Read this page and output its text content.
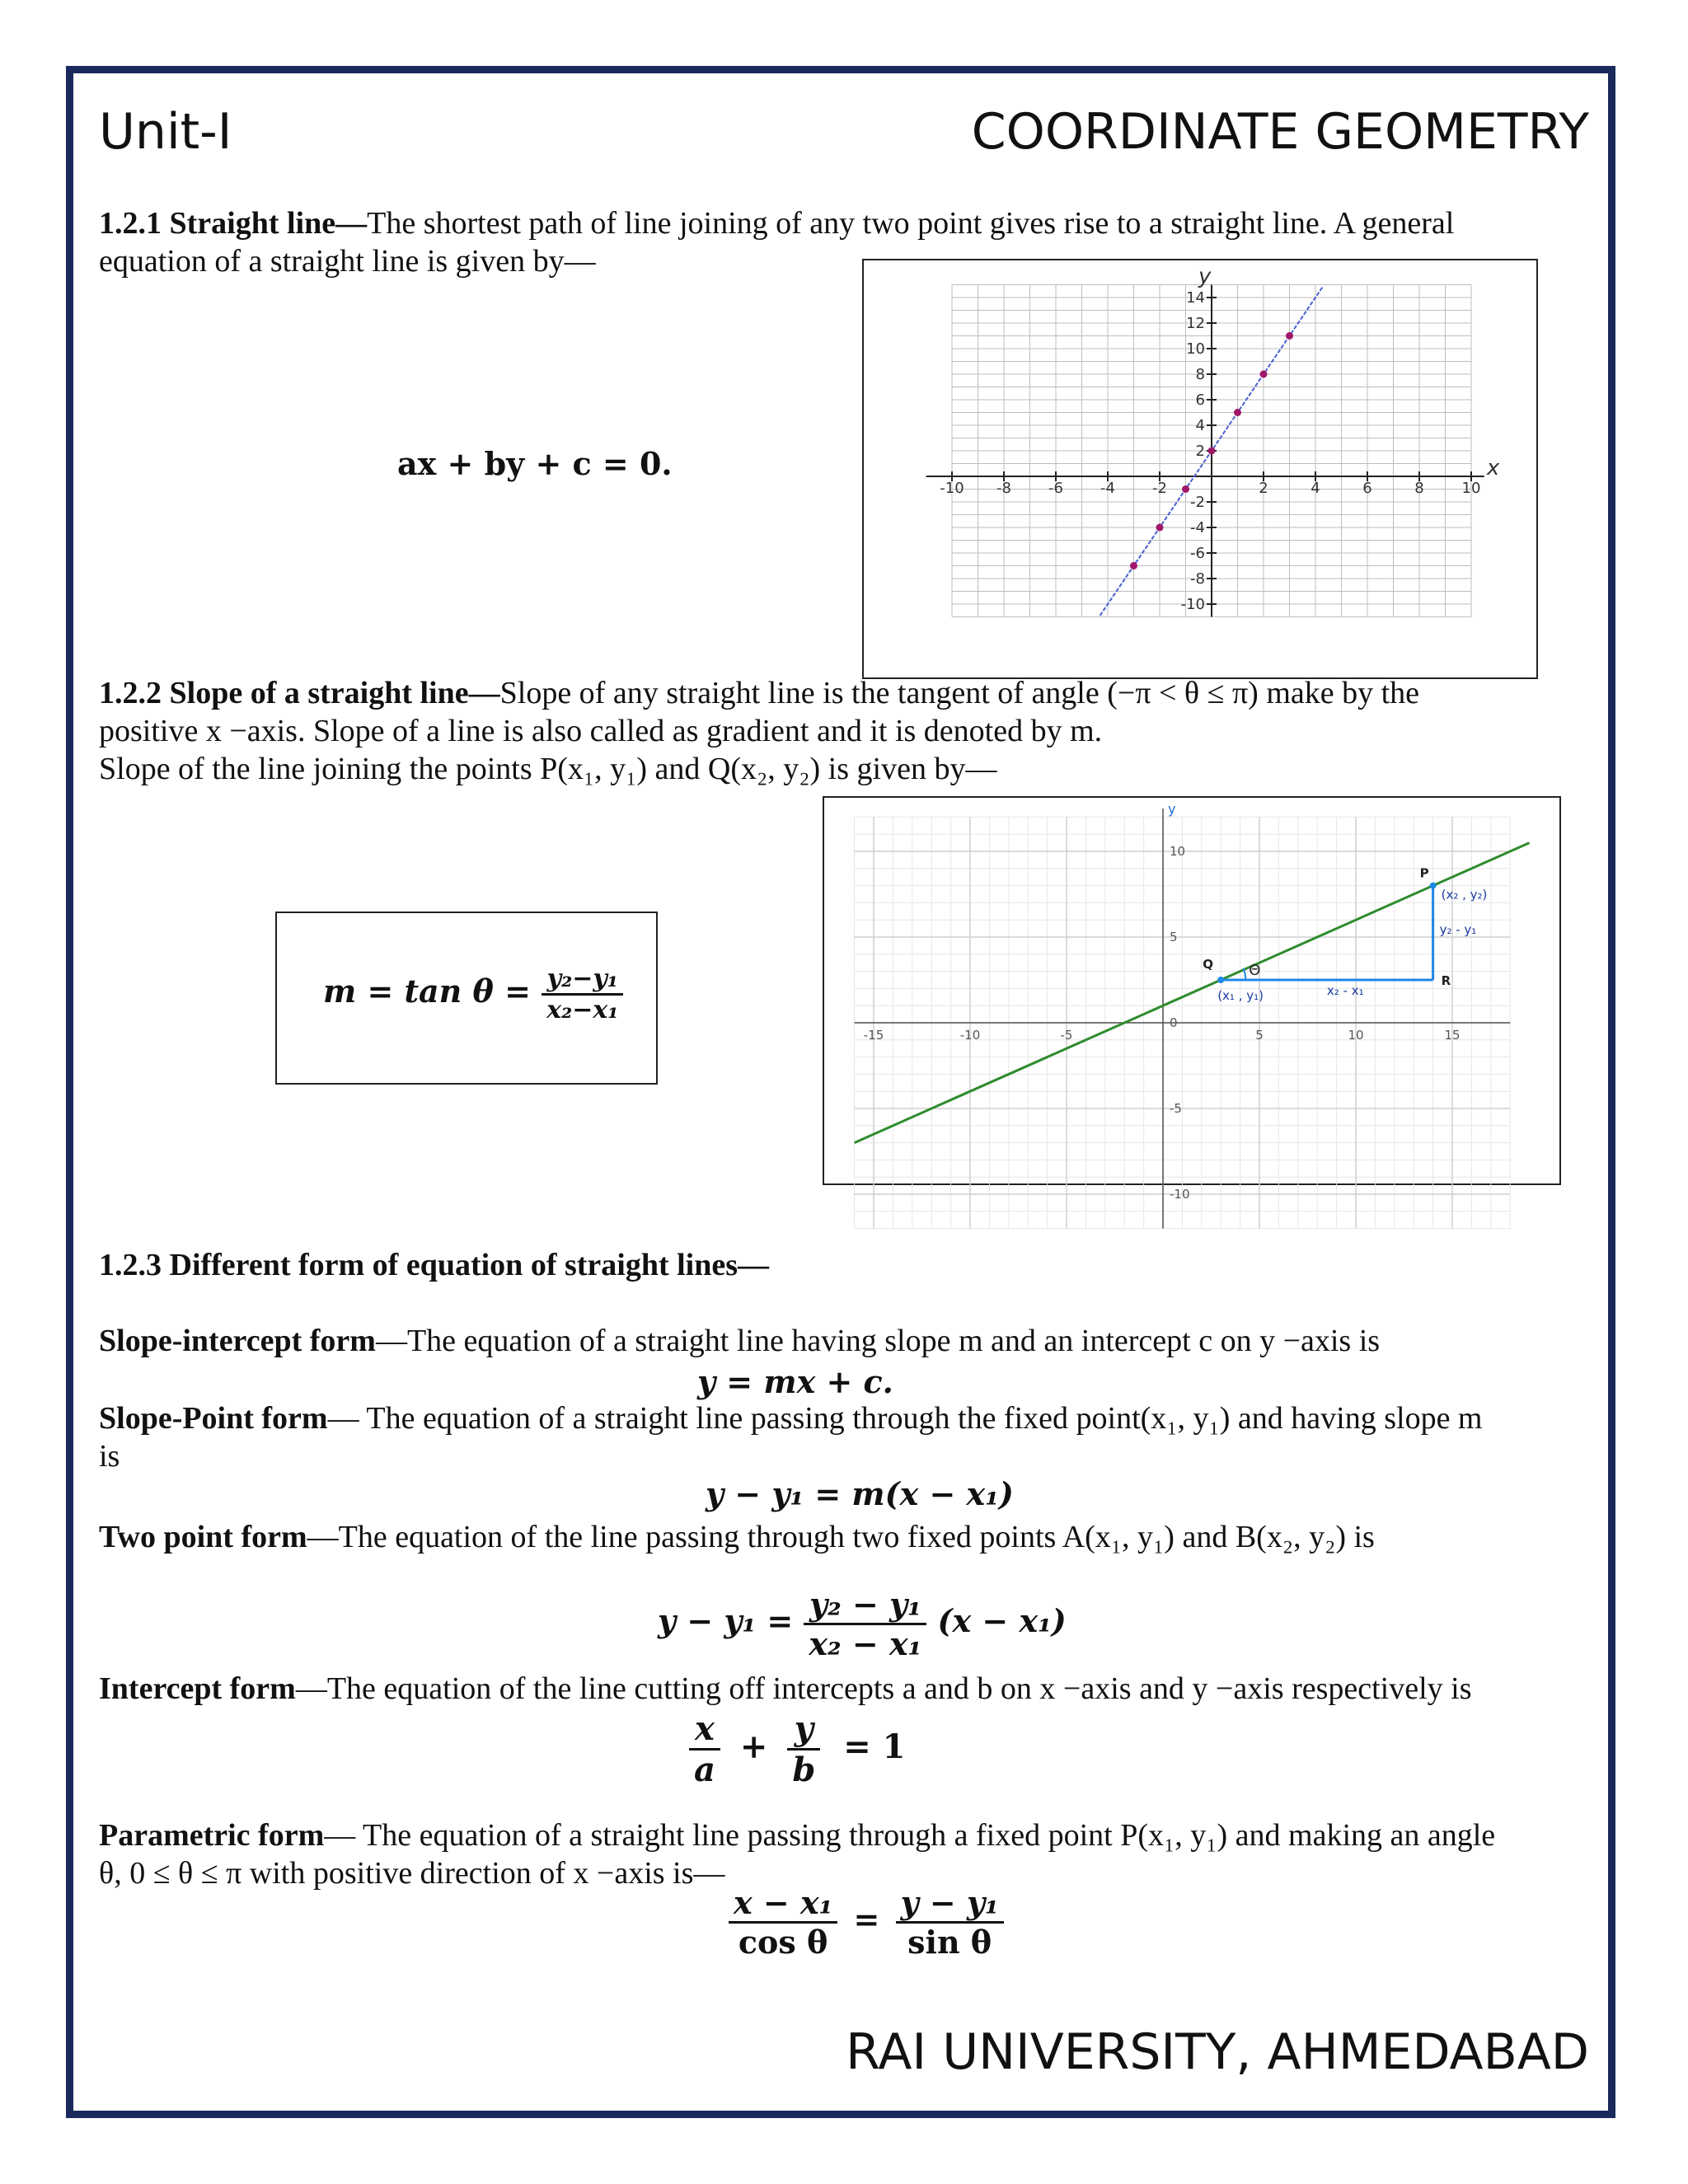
Unit-I	COORDINATE GEOMETRY
1.2.1 Straight line—The shortest path of line joining of any two point gives rise to a straight line. A general
equation of a straight line is given by—
ax + by + c = 0.
-10 -8	-6	-4	-2	2	4	6	8	10
14
12
10
8
6
4
2
-2
-4
-6
-8
-10
y
x
1.2.2 Slope of a straight line—Slope of any straight line is the tangent of angle (−π < θ ≤ π) make by the
positive x −axis. Slope of a line is also called as gradient and it is denoted by m.
Slope of the line joining the points P(x₁, y₁) and Q(x₂, y₂) is given by—
$m = \tan \theta = \frac{\text{y₂−y₁}}{\text{x₂−x₁}}$
-15	-10	-5	5	10	15
10
5
0
-5
-10
y
P
Q
R
Θ
(x₂ , y₂)
(x₁ , y₁)
y₂ - y₁
x₂ - x₁
1.2.3 Different form of equation of straight lines—
Slope-intercept form—The equation of a straight line having slope m and an intercept c on y −axis is
y = mx + c.
Slope-Point form— The equation of a straight line passing through the fixed point(x₁, y₁) and having slope m
is
y − y₁ = m(x − x₁)
Two point form—The equation of the line passing through two fixed points A(x₁, y₁) and B(x₂, y₂) is
$y - y_1 = \frac{\text{y₂ − y₁}}{\text{x₂ − x₁}} (x - x_1)$
Intercept form—The equation of the line cutting off intercepts a and b on x −axis and y −axis respectively is
$\frac{x}{a} + \frac{y}{b} = 1$
Parametric form— The equation of a straight line passing through a fixed point P(x₁, y₁) and making an angle
θ, 0 ≤ θ ≤ π with positive direction of x −axis is—
$\frac{\text{x − x₁}}{\text{cos θ}} = \frac{\text{y − y₁}}{\text{sin θ}}$
RAI UNIVERSITY, AHMEDABAD
